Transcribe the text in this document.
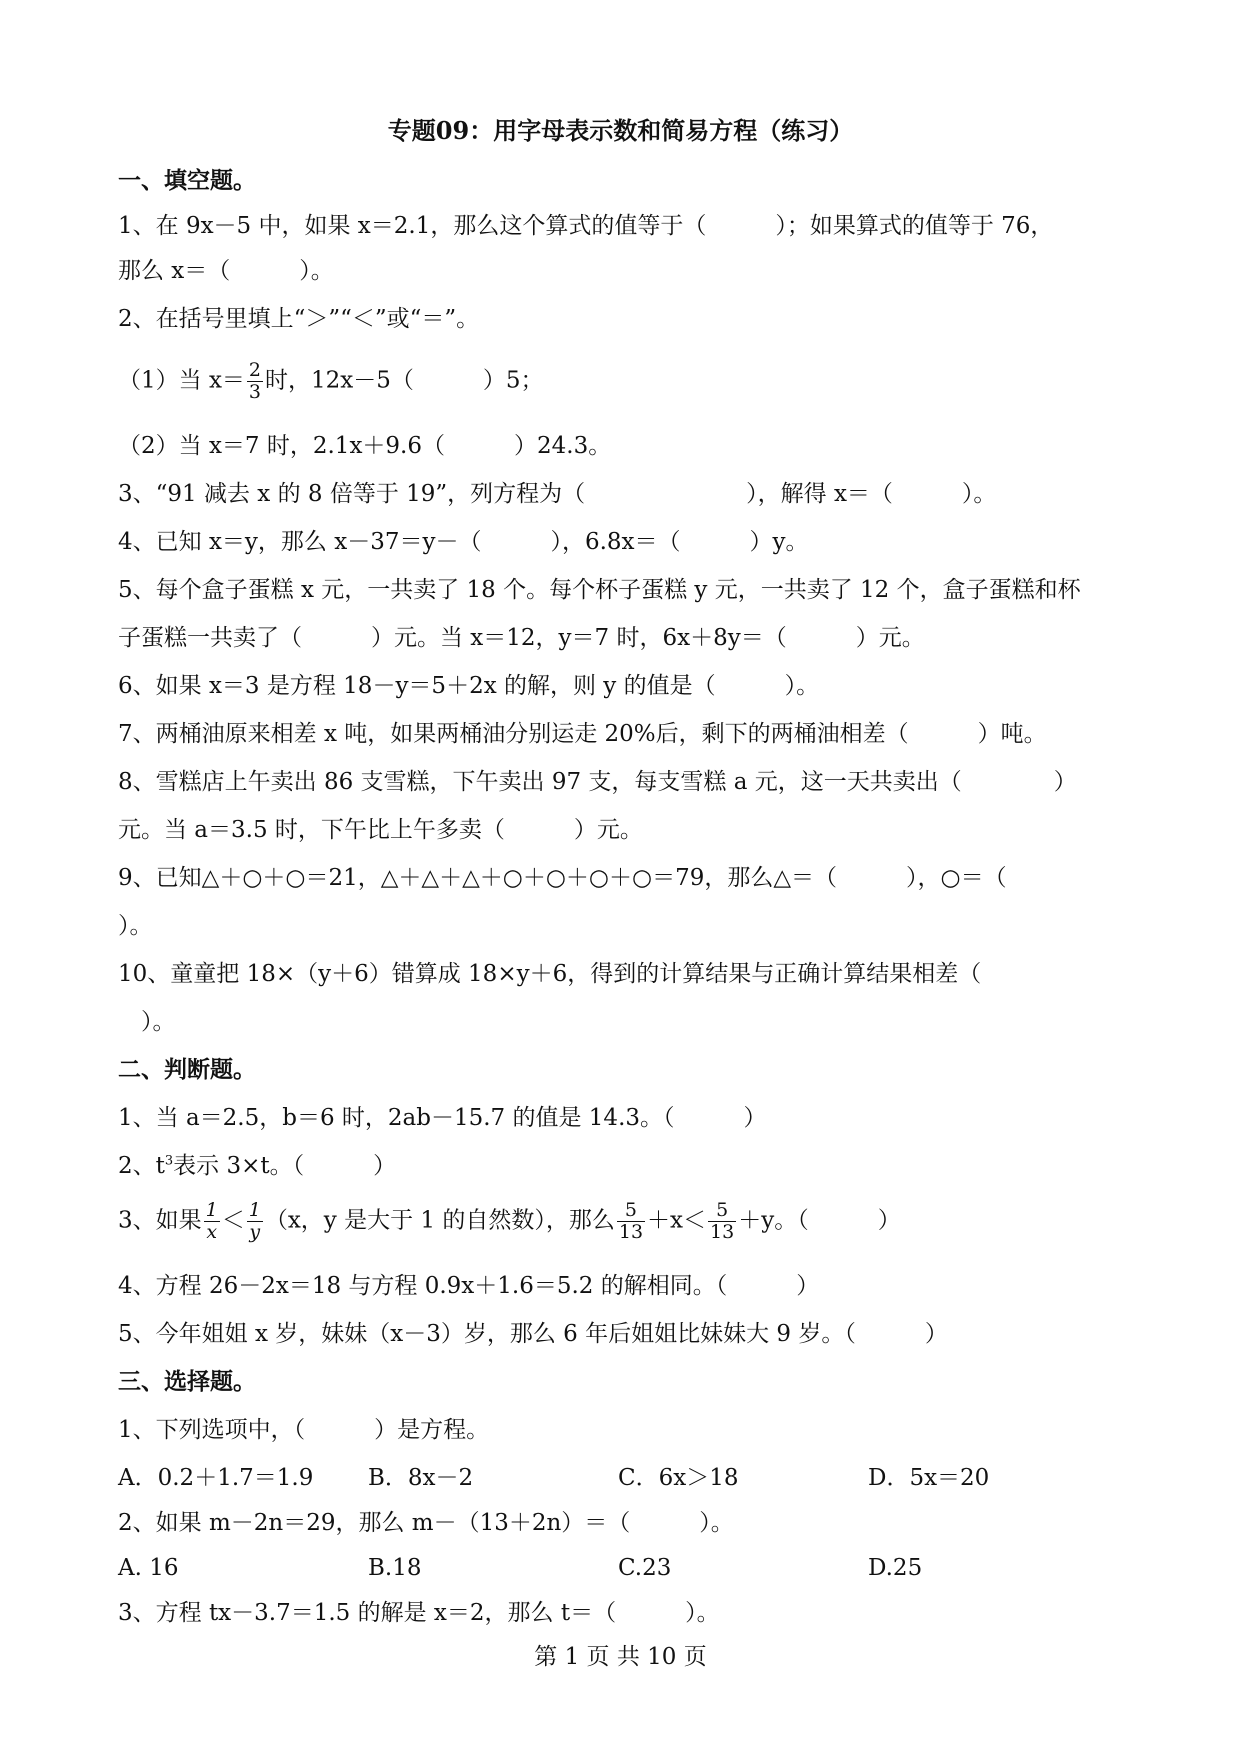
专题09：用字母表示数和简易方程（练习）
一、填空题。
1、在 9x－5 中，如果 x＝2.1，那么这个算式的值等于（　　　）；如果算式的值等于 76，
那么 x＝（　　　）。
2、在括号里填上“＞”“＜”或“＝”。
（1）当 $x= \frac{2}{3}$ 时，12x－5（　　　）5；
（2）当 x＝7 时，2.1x＋9.6（　　　）24.3。
3、“91 减去 x 的 8 倍等于 19”，列方程为（　　　　　　　），解得 x＝（　　　）。
4、已知 x＝y，那么 x－37＝y－（　　　），6.8x＝（　　　）y。
5、每个盒子蛋糕 x 元，一共卖了 18 个。每个杯子蛋糕 y 元，一共卖了 12 个，盒子蛋糕和杯
子蛋糕一共卖了（　　　）元。当 x＝12，y＝7 时，6x＋8y＝（　　　）元。
6、如果 x＝3 是方程 18－y＝5＋2x 的解，则 y 的值是（　　　）。
7、两桶油原来相差 x 吨，如果两桶油分别运走 20%后，剩下的两桶油相差（　　　）吨。
8、雪糕店上午卖出 86 支雪糕，下午卖出 97 支，每支雪糕 a 元，这一天共卖出（　　　　）
元。当 a＝3.5 时，下午比上午多卖（　　　）元。
9、已知△＋○＋○＝21，△＋△＋△＋○＋○＋○＋○＝79，那么△＝（　　　），○＝（
）。
10、童童把 18×（y＋6）错算成 18×y＋6，得到的计算结果与正确计算结果相差（
　）。
二、判断题。
1、当 a＝2.5，b＝6 时，2ab－15.7 的值是 14.3。（　　　）
2、$t^3$表示 3×t。（　　　）
3、如果 $\frac{1}{x} < \frac{1}{y} (x$，y 是大于 1 的自然数），那么 $\frac{5}{13} +x< \frac{5}{13} +y$。（　　　）
4、方程 26－2x＝18 与方程 0.9x＋1.6＝5.2 的解相同。（　　　）
5、今年姐姐 x 岁，妹妹（x－3）岁，那么 6 年后姐姐比妹妹大 9 岁。（　　　）
三、选择题。
1、下列选项中，（　　　）是方程。
A．0.2＋1.7＝1.9 B．8x－2	C．6x＞18	D．5x＝20
2、如果 m－2n＝29，那么 m－（13＋2n）＝（　　　）。
A. 16	B.18	C.23	D.25
3、方程 tx－3.7＝1.5 的解是 x＝2，那么 t＝（　　　）。
第 1 页 共 10 页
